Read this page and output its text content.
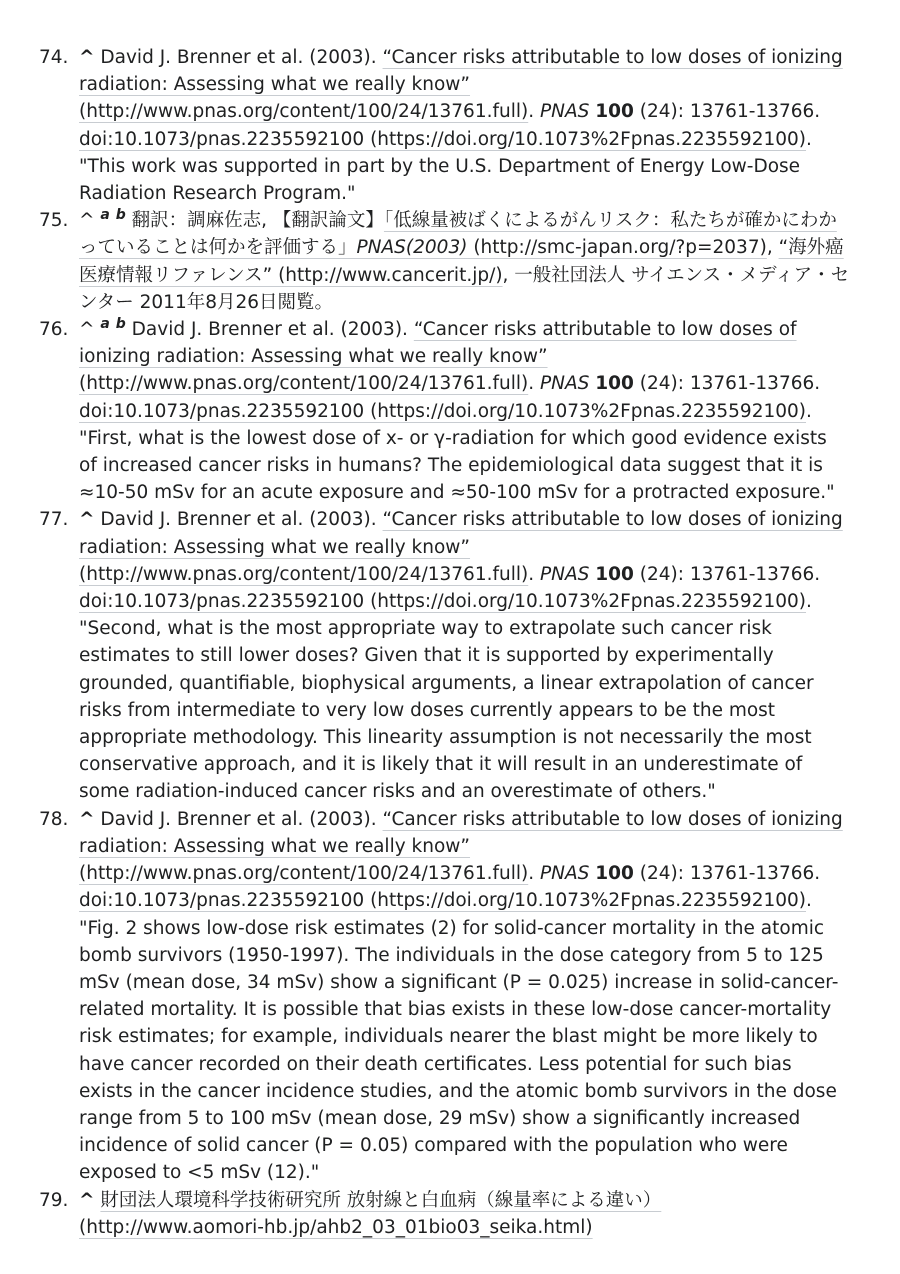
74. ^ David J. Brenner et al. (2003). “Cancer risks attributable to low doses of ionizing radiation: Assessing what we really know” (http://www.pnas.org/content/100/24/13761.full). PNAS 100 (24): 13761-13766. doi:10.1073/pnas.2235592100 (https://doi.org/10.1073%2Fpnas.2235592100). "This work was supported in part by the U.S. Department of Energy Low-Dose Radiation Research Program."
75. ^ $^a$ $^b$ 翻訳：調麻佐志, 【翻訳論文】「低線量被ばくによるがんリスク：私たちが確かにわかっていることは何かを評価する」PNAS(2003) (http://smc-japan.org/?p=2037), “海外癌医療情報リファレンス” (http://www.cancerit.jp/), 一般社団法人 サイエンス・メディア・センター 2011年8月26日閲覧。
76. ^ $^a$ $^b$ David J. Brenner et al. (2003). “Cancer risks attributable to low doses of ionizing radiation: Assessing what we really know” (http://www.pnas.org/content/100/24/13761.full). PNAS 100 (24): 13761-13766. doi:10.1073/pnas.2235592100 (https://doi.org/10.1073%2Fpnas.2235592100). "First, what is the lowest dose of x- or γ-radiation for which good evidence exists of increased cancer risks in humans? The epidemiological data suggest that it is ≈10-50 mSv for an acute exposure and ≈50-100 mSv for a protracted exposure."
77. ^ David J. Brenner et al. (2003). “Cancer risks attributable to low doses of ionizing radiation: Assessing what we really know” (http://www.pnas.org/content/100/24/13761.full). PNAS 100 (24): 13761-13766. doi:10.1073/pnas.2235592100 (https://doi.org/10.1073%2Fpnas.2235592100). "Second, what is the most appropriate way to extrapolate such cancer risk estimates to still lower doses? Given that it is supported by experimentally grounded, quantifiable, biophysical arguments, a linear extrapolation of cancer risks from intermediate to very low doses currently appears to be the most appropriate methodology. This linearity assumption is not necessarily the most conservative approach, and it is likely that it will result in an underestimate of some radiation-induced cancer risks and an overestimate of others."
78. ^ David J. Brenner et al. (2003). “Cancer risks attributable to low doses of ionizing radiation: Assessing what we really know” (http://www.pnas.org/content/100/24/13761.full). PNAS 100 (24): 13761-13766. doi:10.1073/pnas.2235592100 (https://doi.org/10.1073%2Fpnas.2235592100). "Fig. 2 shows low-dose risk estimates (2) for solid-cancer mortality in the atomic bomb survivors (1950-1997). The individuals in the dose category from 5 to 125 mSv (mean dose, 34 mSv) show a significant (P = 0.025) increase in solid-cancer-related mortality. It is possible that bias exists in these low-dose cancer-mortality risk estimates; for example, individuals nearer the blast might be more likely to have cancer recorded on their death certificates. Less potential for such bias exists in the cancer incidence studies, and the atomic bomb survivors in the dose range from 5 to 100 mSv (mean dose, 29 mSv) show a significantly increased incidence of solid cancer (P = 0.05) compared with the population who were exposed to <5 mSv (12)."
79. ^ 財団法人環境科学技術研究所 放射線と白血病（線量率による違い） (http://www.aomori-hb.jp/ahb2_03_01bio03_seika.html)
